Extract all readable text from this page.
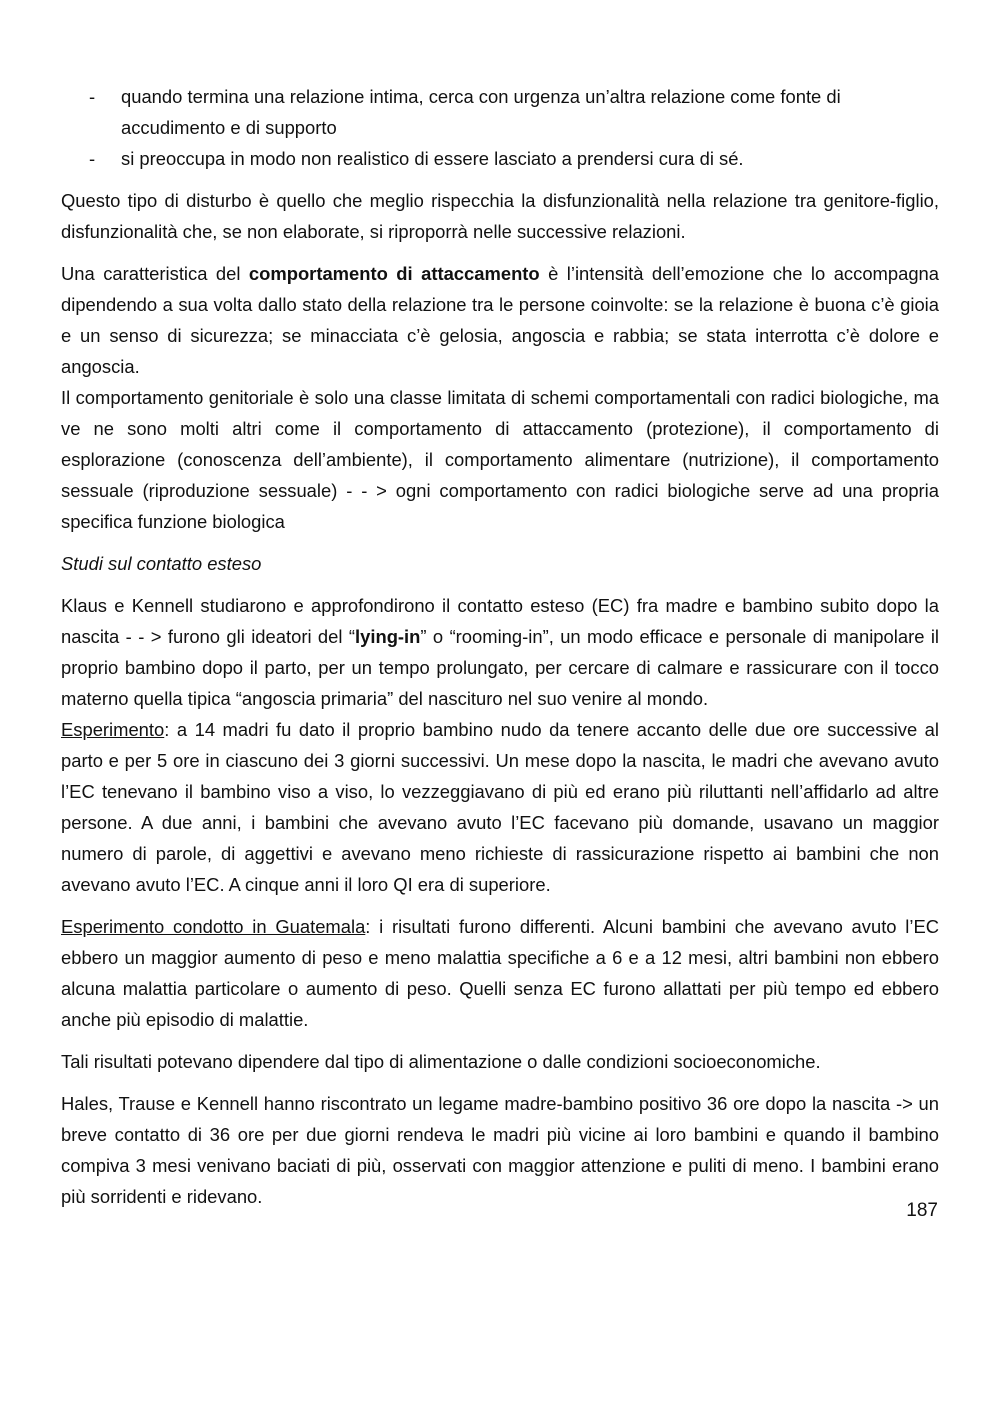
- quando termina una relazione intima, cerca con urgenza un’altra relazione come fonte di accudimento e di supporto
- si preoccupa in modo non realistico di essere lasciato a prendersi cura di sé.

Questo tipo di disturbo è quello che meglio rispecchia la disfunzionalità nella relazione tra genitore-figlio, disfunzionalità che, se non elaborate, si riproporrà nelle successive relazioni.

Una caratteristica del comportamento di attaccamento è l’intensità dell’emozione che lo accompagna dipendendo a sua volta dallo stato della relazione tra le persone coinvolte: se la relazione è buona c’è gioia e un senso di sicurezza; se minacciata c’è gelosia, angoscia e rabbia; se stata interrotta c’è dolore e angoscia.

Il comportamento genitoriale è solo una classe limitata di schemi comportamentali con radici biologiche, ma ve ne sono molti altri come il comportamento di attaccamento (protezione), il comportamento di esplorazione (conoscenza dell’ambiente), il comportamento alimentare (nutrizione), il comportamento sessuale (riproduzione sessuale) - - > ogni comportamento con radici biologiche serve ad una propria specifica funzione biologica

Studi sul contatto esteso

Klaus e Kennell studiarono e approfondirono il contatto esteso (EC) fra madre e bambino subito dopo la nascita - - > furono gli ideatori del “lying-in” o “rooming-in”, un modo efficace e personale di manipolare il proprio bambino dopo il parto, per un tempo prolungato, per cercare di calmare e rassicurare con il tocco materno quella tipica “angoscia primaria” del nascituro nel suo venire al mondo.

Esperimento: a 14 madri fu dato il proprio bambino nudo da tenere accanto delle due ore successive al parto e per 5 ore in ciascuno dei 3 giorni successivi. Un mese dopo la nascita, le madri che avevano avuto l’EC tenevano il bambino viso a viso, lo vezzeggiavano di più ed erano più riluttanti nell’affidarlo ad altre persone. A due anni, i bambini che avevano avuto l’EC facevano più domande, usavano un maggior numero di parole, di aggettivi e avevano meno richieste di rassicurazione rispetto ai bambini che non avevano avuto l’EC. A cinque anni il loro QI era di superiore.

Esperimento condotto in Guatemala: i risultati furono differenti. Alcuni bambini che avevano avuto l’EC ebbero un maggior aumento di peso e meno malattia specifiche a 6 e a 12 mesi, altri bambini non ebbero alcuna malattia particolare o aumento di peso. Quelli senza EC furono allattati per più tempo ed ebbero anche più episodio di malattie.

Tali risultati potevano dipendere dal tipo di alimentazione o dalle condizioni socioeconomiche.

Hales, Trause e Kennell hanno riscontrato un legame madre-bambino positivo 36 ore dopo la nascita -> un breve contatto di 36 ore per due giorni rendeva le madri più vicine ai loro bambini e quando il bambino compiva 3 mesi venivano baciati di più, osservati con maggior attenzione e puliti di meno. I bambini erano più sorridenti e ridevano.

187
